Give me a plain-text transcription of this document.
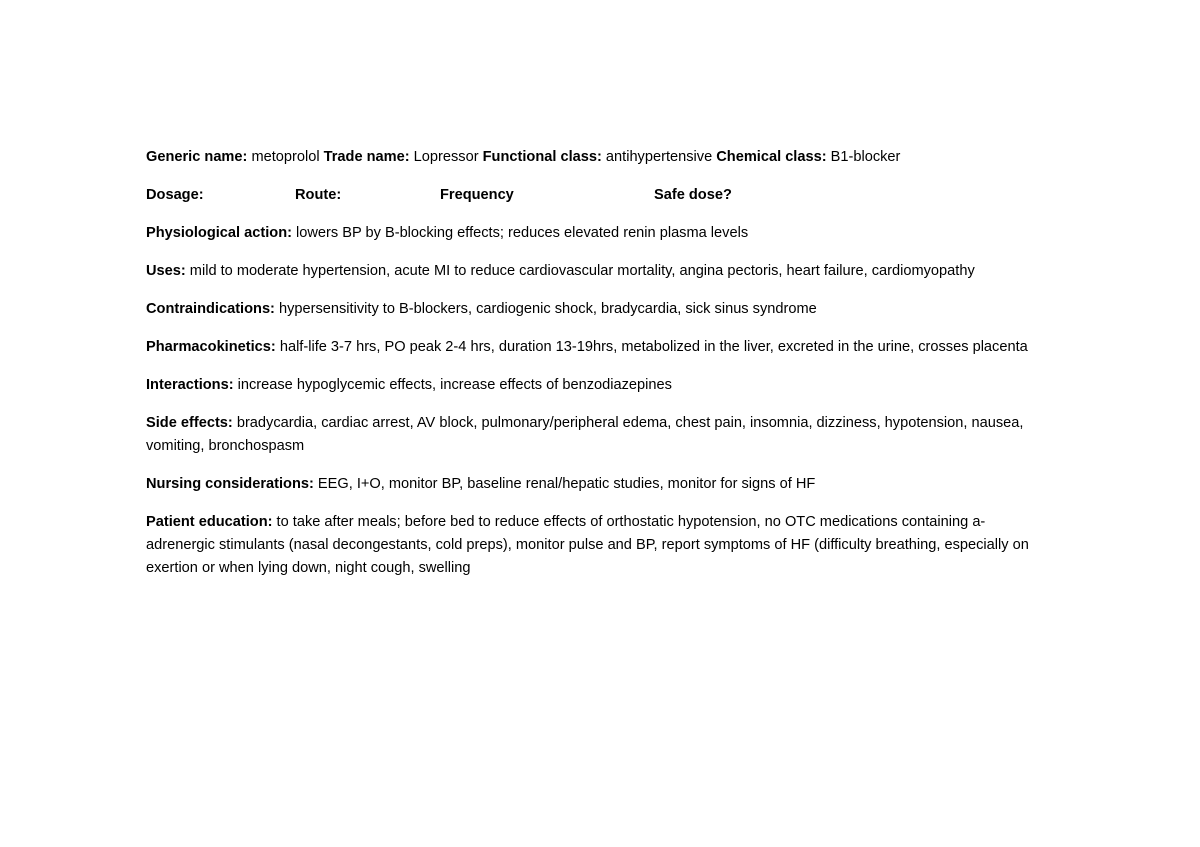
Generic name: metoprolol Trade name: Lopressor Functional class: antihypertensive Chemical class: B1-blocker

Dosage:	Route:	Frequency	Safe dose?

Physiological action: lowers BP by B-blocking effects; reduces elevated renin plasma levels

Uses: mild to moderate hypertension, acute MI to reduce cardiovascular mortality, angina pectoris, heart failure, cardiomyopathy

Contraindications: hypersensitivity to B-blockers, cardiogenic shock, bradycardia, sick sinus syndrome

Pharmacokinetics: half-life 3-7 hrs, PO peak 2-4 hrs, duration 13-19hrs, metabolized in the liver, excreted in the urine, crosses placenta

Interactions: increase hypoglycemic effects, increase effects of benzodiazepines

Side effects: bradycardia, cardiac arrest, AV block, pulmonary/peripheral edema, chest pain, insomnia, dizziness, hypotension, nausea, vomiting, bronchospasm

Nursing considerations: EEG, I+O, monitor BP, baseline renal/hepatic studies, monitor for signs of HF

Patient education: to take after meals; before bed to reduce effects of orthostatic hypotension, no OTC medications containing a-adrenergic stimulants (nasal decongestants, cold preps), monitor pulse and BP, report symptoms of HF (difficulty breathing, especially on exertion or when lying down, night cough, swelling
